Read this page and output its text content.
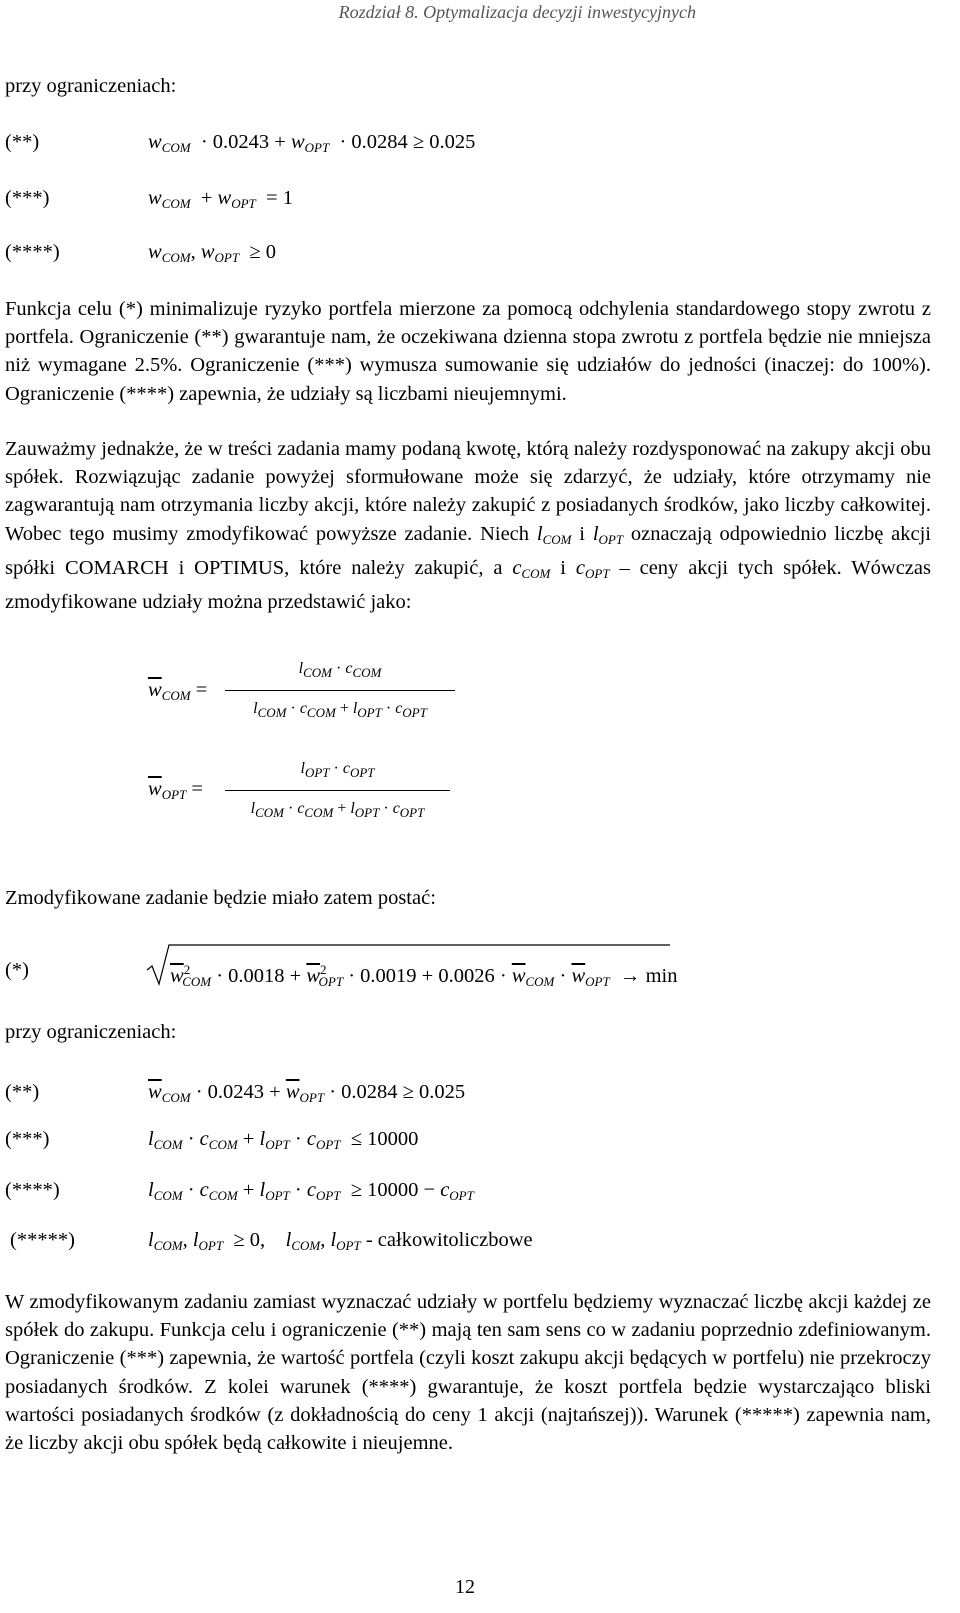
Rozdział 8. Optymalizacja decyzji inwestycyjnych
przy ograniczeniach:
(**)	$w_{COM} \cdot 0.0243 + w_{OPT} \cdot 0.0284 \ge 0.025$
(***)	$w_{COM} + w_{OPT} = 1$
(****)	$w_{COM}$, $w_{OPT} \ge 0$

Funkcja celu (*) minimalizuje ryzyko portfela mierzone za pomocą odchylenia standardowego stopy zwrotu z portfela. Ograniczenie (**) gwarantuje nam, że oczekiwana dzienna stopa zwrotu z portfela będzie nie mniejsza niż wymagane 2.5%. Ograniczenie (***) wymusza sumowanie się udziałów do jedności (inaczej: do 100%). Ograniczenie (****) zapewnia, że udziały są liczbami nieujemnymi.

Zauważmy jednakże, że w treści zadania mamy podaną kwotę, którą należy rozdysponować na zakupy akcji obu spółek. Rozwiązując zadanie powyżej sformułowane może się zdarzyć, że udziały, które otrzymamy nie zagwarantują nam otrzymania liczby akcji, które należy zakupić z posiadanych środków, jako liczby całkowitej. Wobec tego musimy zmodyfikować powyższe zadanie. Niech $l_{COM}$ i $l_{OPT}$ oznaczają odpowiednio liczbę akcji spółki COMARCH i OPTIMUS, które należy zakupić, a $c_{COM}$ i $c_{OPT}$ – ceny akcji tych spółek. Wówczas zmodyfikowane udziały można przedstawić jako:

$\overline{w}_{COM}$ =
$l_{COM} \cdot c_{COM}$
$l_{COM} \cdot c_{COM} + l_{OPT} \cdot c_{OPT}$
$\overline{w}_{OPT}$ =
$l_{OPT} \cdot c_{OPT}$
$l_{COM} \cdot c_{COM} + l_{OPT} \cdot c_{OPT}$
Zmodyfikowane zadanie będzie miało zatem postać:
(*)	$\overline{w}^2_{COM} \cdot 0.0018 + \overline{w}^2_{OPT} \cdot 0.0019 + 0.0026 \cdot \overline{w}_{COM} \cdot \overline{w}_{OPT} \to \min$
przy ograniczeniach:
(**)	$\overline{w}_{COM} \cdot 0.0243 + \overline{w}_{OPT} \cdot 0.0284 \ge 0.025$
(***)	$l_{COM} \cdot c_{COM} + l_{OPT} \cdot c_{OPT} \le 10000$
(****)	$l_{COM} \cdot c_{COM} + l_{OPT} \cdot c_{OPT} \ge 10000 - c_{OPT}$
(*****)	$l_{COM}$, $l_{OPT} \ge 0$,    $l_{COM}$, $l_{OPT}$ - całkowitoliczbowe

W zmodyfikowanym zadaniu zamiast wyznaczać udziały w portfelu będziemy wyznaczać liczbę akcji każdej ze spółek do zakupu. Funkcja celu i ograniczenie (**) mają ten sam sens co w zadaniu poprzednio zdefiniowanym. Ograniczenie (***) zapewnia, że wartość portfela (czyli koszt zakupu akcji będących w portfelu) nie przekroczy posiadanych środków. Z kolei warunek (****) gwarantuje, że koszt portfela będzie wystarczająco bliski wartości posiadanych środków (z dokładnością do ceny 1 akcji (najtańszej)). Warunek (*****) zapewnia nam, że liczby akcji obu spółek będą całkowite i nieujemne.

12
